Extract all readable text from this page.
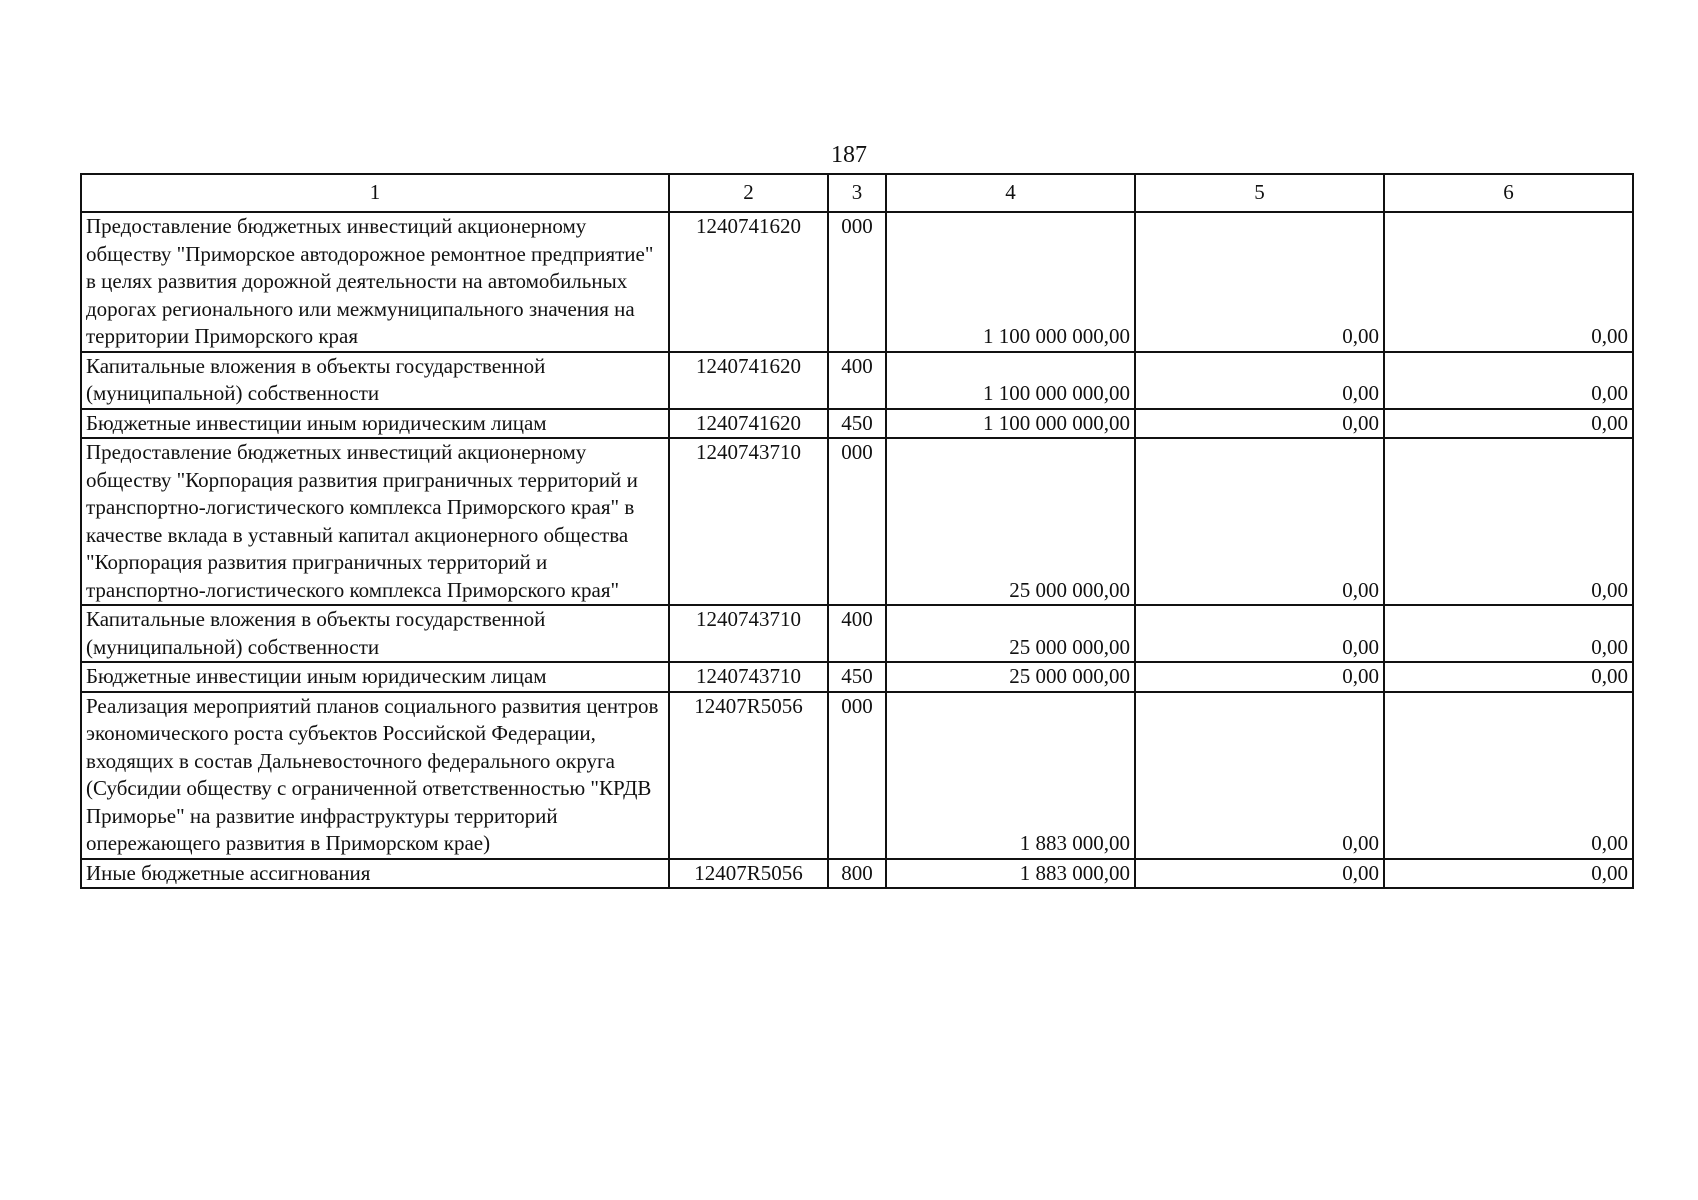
187
1	2	3	4	5	6
Предоставление бюджетных инвестиций акционерному обществу "Приморское автодорожное ремонтное предприятие" в целях развития дорожной деятельности на автомобильных дорогах регионального или межмуниципального значения на территории Приморского края	1240741620	000	1 100 000 000,00	0,00	0,00
Капитальные вложения в объекты государственной (муниципальной) собственности	1240741620	400	1 100 000 000,00	0,00	0,00
Бюджетные инвестиции иным юридическим лицам	1240741620	450	1 100 000 000,00	0,00	0,00
Предоставление бюджетных инвестиций акционерному обществу "Корпорация развития приграничных территорий и транспортно-логистического комплекса Приморского края" в качестве вклада в уставный капитал акционерного общества "Корпорация развития приграничных территорий и транспортно-логистического комплекса Приморского края"	1240743710	000	25 000 000,00	0,00	0,00
Капитальные вложения в объекты государственной (муниципальной) собственности	1240743710	400	25 000 000,00	0,00	0,00
Бюджетные инвестиции иным юридическим лицам	1240743710	450	25 000 000,00	0,00	0,00
Реализация мероприятий планов социального развития центров экономического роста субъектов Российской Федерации, входящих в состав Дальневосточного федерального округа (Субсидии обществу с ограниченной ответственностью "КРДВ Приморье" на развитие инфраструктуры территорий опережающего развития в Приморском крае)	12407R5056	000	1 883 000,00	0,00	0,00
Иные бюджетные ассигнования	12407R5056	800	1 883 000,00	0,00	0,00
